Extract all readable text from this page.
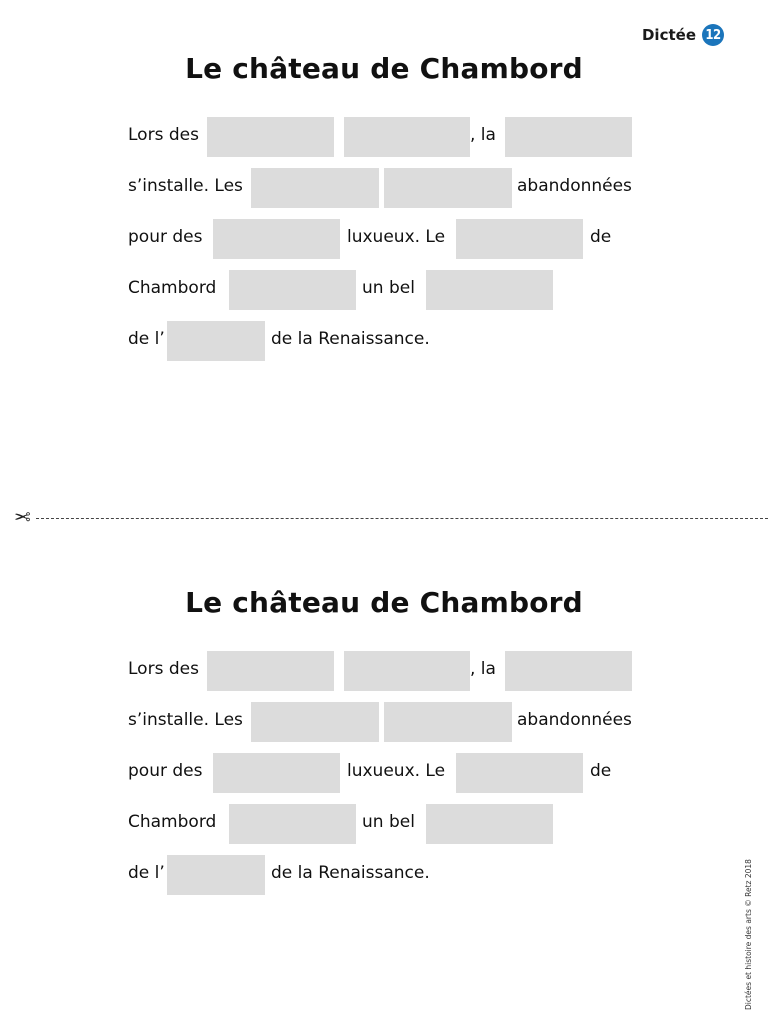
Dictée 12
Le château de Chambord
Lors des	, la
s’installe. Les	abandonnées
pour des	luxueux. Le	de
Chambord	un bel
de l’	de la Renaissance.
✂
Le château de Chambord
Lors des	, la
s’installe. Les	abandonnées
pour des	luxueux. Le	de
Chambord	un bel
de l’	de la Renaissance.	Dictées et histoire des arts © Retz 2018
